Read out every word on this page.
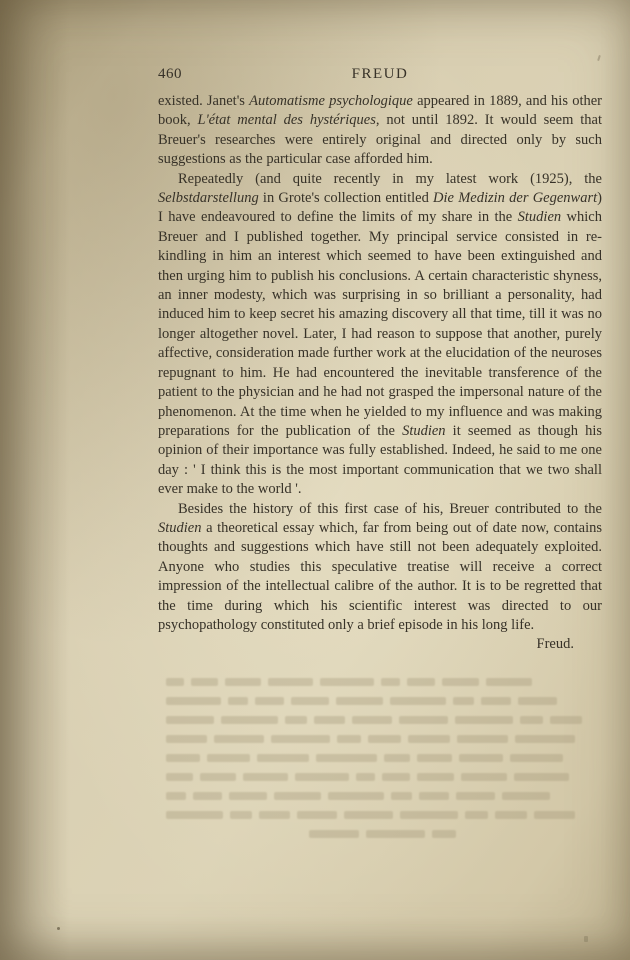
460	FREUD

existed. Janet's Automatisme psychologique appeared in 1889, and his other book, L'état mental des hystériques, not until 1892. It would seem that Breuer's researches were entirely original and directed only by such suggestions as the particular case afforded him.

Repeatedly (and quite recently in my latest work (1925), the Selbstdarstellung in Grote's collection entitled Die Medizin der Gegenwart) I have endeavoured to define the limits of my share in the Studien which Breuer and I published together. My principal service consisted in re-kindling in him an interest which seemed to have been extinguished and then urging him to publish his conclusions. A certain characteristic shyness, an inner modesty, which was surprising in so brilliant a personality, had induced him to keep secret his amazing discovery all that time, till it was no longer altogether novel. Later, I had reason to suppose that another, purely affective, consideration made further work at the elucidation of the neuroses repugnant to him. He had encountered the inevitable transference of the patient to the physician and he had not grasped the impersonal nature of the phenomenon. At the time when he yielded to my influence and was making preparations for the publication of the Studien it seemed as though his opinion of their importance was fully established. Indeed, he said to me one day : ' I think this is the most important communication that we two shall ever make to the world '.

Besides the history of this first case of his, Breuer contributed to the Studien a theoretical essay which, far from being out of date now, contains thoughts and suggestions which have still not been adequately exploited. Anyone who studies this speculative treatise will receive a correct impression of the intellectual calibre of the author. It is to be regretted that the time during which his scientific interest was directed to our psychopathology constituted only a brief episode in his long life.

Freud.
